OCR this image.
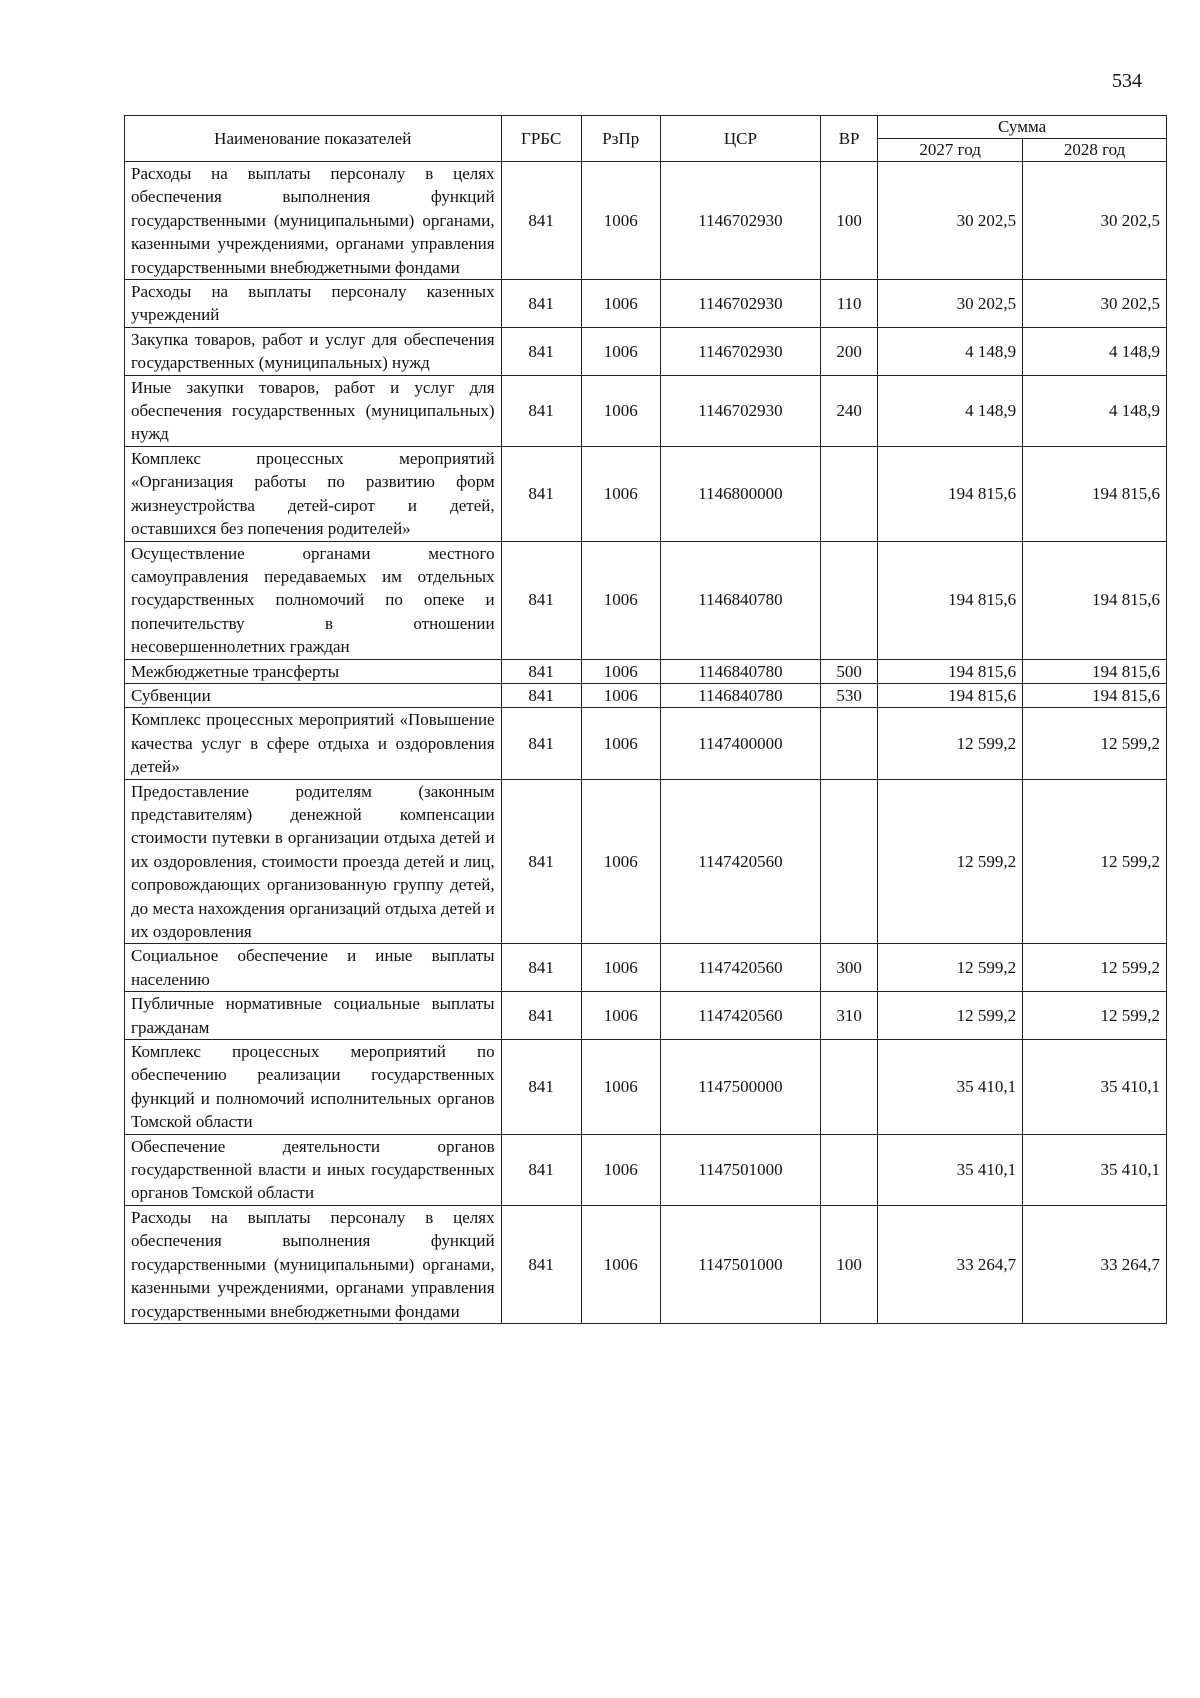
534
Наименование показателей	ГРБС	РзПр	ЦСР	ВР	Сумма	
					2027 год	2028 год
Расходы на выплаты персоналу в целях обеспечения выполнения функций государственными (муниципальными) органами, казенными учреждениями, органами управления государственными внебюджетными фондами	841	1006	1146702930	100	30 202,5	30 202,5
Расходы на выплаты персоналу казенных учреждений	841	1006	1146702930	110	30 202,5	30 202,5
Закупка товаров, работ и услуг для обеспечения государственных (муниципальных) нужд	841	1006	1146702930	200	4 148,9	4 148,9
Иные закупки товаров, работ и услуг для обеспечения государственных (муниципальных) нужд	841	1006	1146702930	240	4 148,9	4 148,9
Комплекс процессных мероприятий «Организация работы по развитию форм жизнеустройства детей-сирот и детей, оставшихся без попечения родителей»	841	1006	1146800000		194 815,6	194 815,6
Осуществление органами местного самоуправления передаваемых им отдельных государственных полномочий по опеке и попечительству в отношении несовершеннолетних граждан	841	1006	1146840780		194 815,6	194 815,6
Межбюджетные трансферты	841	1006	1146840780	500	194 815,6	194 815,6
Субвенции	841	1006	1146840780	530	194 815,6	194 815,6
Комплекс процессных мероприятий «Повышение качества услуг в сфере отдыха и оздоровления детей»	841	1006	1147400000		12 599,2	12 599,2
Предоставление родителям (законным представителям) денежной компенсации стоимости путевки в организации отдыха детей и их оздоровления, стоимости проезда детей и лиц, сопровождающих организованную группу детей, до места нахождения организаций отдыха детей и их оздоровления	841	1006	1147420560		12 599,2	12 599,2
Социальное обеспечение и иные выплаты населению	841	1006	1147420560	300	12 599,2	12 599,2
Публичные нормативные социальные выплаты гражданам	841	1006	1147420560	310	12 599,2	12 599,2
Комплекс процессных мероприятий по обеспечению реализации государственных функций и полномочий исполнительных органов Томской области	841	1006	1147500000		35 410,1	35 410,1
Обеспечение деятельности органов государственной власти и иных государственных органов Томской области	841	1006	1147501000		35 410,1	35 410,1
Расходы на выплаты персоналу в целях обеспечения выполнения функций государственными (муниципальными) органами, казенными учреждениями, органами управления государственными внебюджетными фондами	841	1006	1147501000	100	33 264,7	33 264,7
